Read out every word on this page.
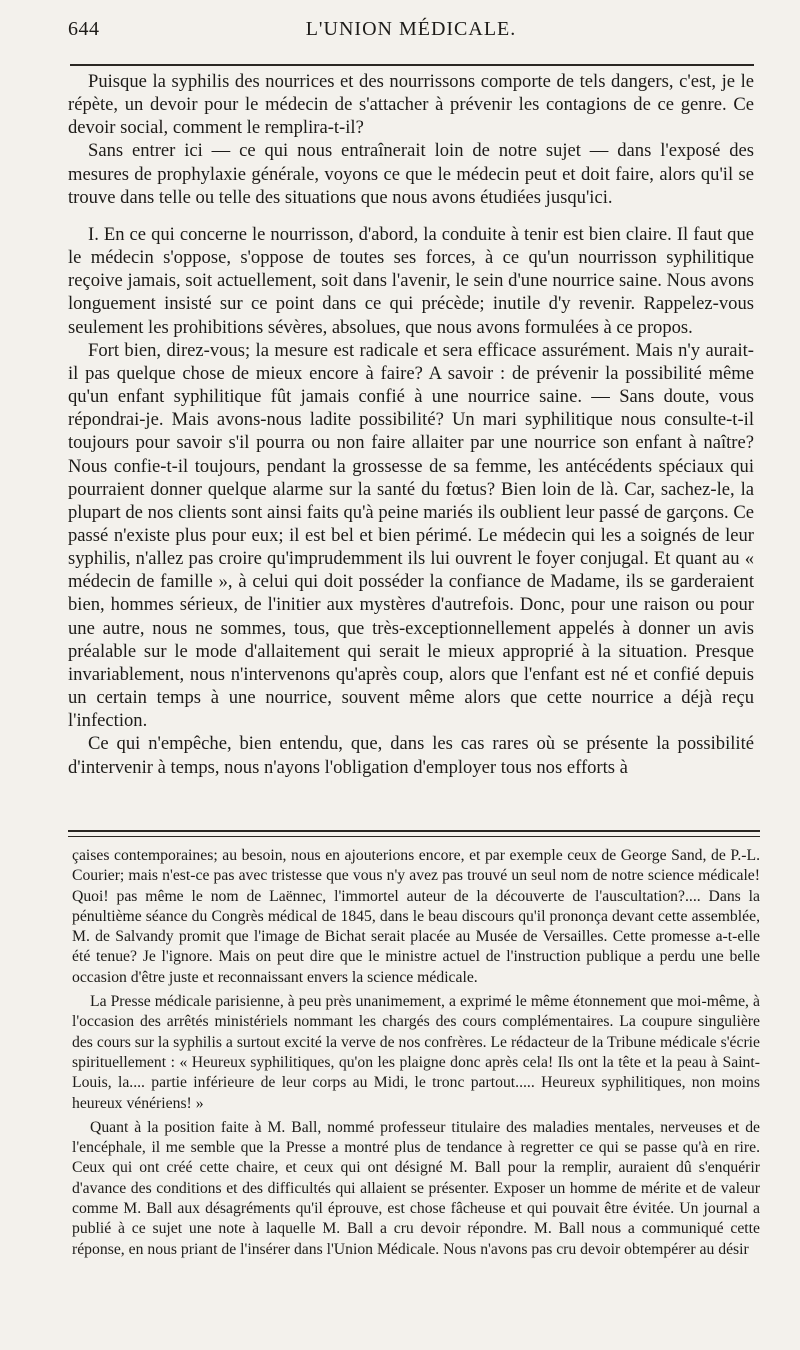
644	L'UNION MÉDICALE.

Puisque la syphilis des nourrices et des nourrissons comporte de tels dangers, c'est, je le répète, un devoir pour le médecin de s'attacher à prévenir les contagions de ce genre. Ce devoir social, comment le remplira-t-il?

Sans entrer ici — ce qui nous entraînerait loin de notre sujet — dans l'exposé des mesures de prophylaxie générale, voyons ce que le médecin peut et doit faire, alors qu'il se trouve dans telle ou telle des situations que nous avons étudiées jusqu'ici.

I. En ce qui concerne le nourrisson, d'abord, la conduite à tenir est bien claire. Il faut que le médecin s'oppose, s'oppose de toutes ses forces, à ce qu'un nourrisson syphilitique reçoive jamais, soit actuellement, soit dans l'avenir, le sein d'une nourrice saine. Nous avons longuement insisté sur ce point dans ce qui précède; inutile d'y revenir. Rappelez-vous seulement les prohibitions sévères, absolues, que nous avons formulées à ce propos.

Fort bien, direz-vous; la mesure est radicale et sera efficace assurément. Mais n'y aurait-il pas quelque chose de mieux encore à faire? A savoir : de prévenir la possibilité même qu'un enfant syphilitique fût jamais confié à une nourrice saine. — Sans doute, vous répondrai-je. Mais avons-nous ladite possibilité? Un mari syphilitique nous consulte-t-il toujours pour savoir s'il pourra ou non faire allaiter par une nourrice son enfant à naître? Nous confie-t-il toujours, pendant la grossesse de sa femme, les antécédents spéciaux qui pourraient donner quelque alarme sur la santé du fœtus? Bien loin de là. Car, sachez-le, la plupart de nos clients sont ainsi faits qu'à peine mariés ils oublient leur passé de garçons. Ce passé n'existe plus pour eux; il est bel et bien périmé. Le médecin qui les a soignés de leur syphilis, n'allez pas croire qu'imprudemment ils lui ouvrent le foyer conjugal. Et quant au « médecin de famille », à celui qui doit posséder la confiance de Madame, ils se garderaient bien, hommes sérieux, de l'initier aux mystères d'autrefois. Donc, pour une raison ou pour une autre, nous ne sommes, tous, que très-exceptionnellement appelés à donner un avis préalable sur le mode d'allaitement qui serait le mieux approprié à la situation. Presque invariablement, nous n'intervenons qu'après coup, alors que l'enfant est né et confié depuis un certain temps à une nourrice, souvent même alors que cette nourrice a déjà reçu l'infection.

Ce qui n'empêche, bien entendu, que, dans les cas rares où se présente la possibilité d'intervenir à temps, nous n'ayons l'obligation d'employer tous nos efforts à

çaises contemporaines; au besoin, nous en ajouterions encore, et par exemple ceux de George Sand, de P.-L. Courier; mais n'est-ce pas avec tristesse que vous n'y avez pas trouvé un seul nom de notre science médicale! Quoi! pas même le nom de Laënnec, l'immortel auteur de la découverte de l'auscultation?.... Dans la pénultième séance du Congrès médical de 1845, dans le beau discours qu'il prononça devant cette assemblée, M. de Salvandy promit que l'image de Bichat serait placée au Musée de Versailles. Cette promesse a-t-elle été tenue? Je l'ignore. Mais on peut dire que le ministre actuel de l'instruction publique a perdu une belle occasion d'être juste et reconnaissant envers la science médicale.

La Presse médicale parisienne, à peu près unanimement, a exprimé le même étonnement que moi-même, à l'occasion des arrêtés ministériels nommant les chargés des cours complémentaires. La coupure singulière des cours sur la syphilis a surtout excité la verve de nos confrères. Le rédacteur de la Tribune médicale s'écrie spirituellement : « Heureux syphilitiques, qu'on les plaigne donc après cela! Ils ont la tête et la peau à Saint-Louis, la.... partie inférieure de leur corps au Midi, le tronc partout..... Heureux syphilitiques, non moins heureux vénériens! »

Quant à la position faite à M. Ball, nommé professeur titulaire des maladies mentales, nerveuses et de l'encéphale, il me semble que la Presse a montré plus de tendance à regretter ce qui se passe qu'à en rire. Ceux qui ont créé cette chaire, et ceux qui ont désigné M. Ball pour la remplir, auraient dû s'enquérir d'avance des conditions et des difficultés qui allaient se présenter. Exposer un homme de mérite et de valeur comme M. Ball aux désagréments qu'il éprouve, est chose fâcheuse et qui pouvait être évitée. Un journal a publié à ce sujet une note à laquelle M. Ball a cru devoir répondre. M. Ball nous a communiqué cette réponse, en nous priant de l'insérer dans l'Union Médicale. Nous n'avons pas cru devoir obtempérer au désir
